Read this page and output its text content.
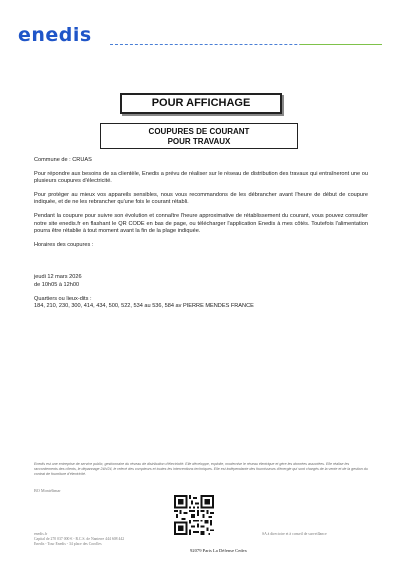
enedis
POUR AFFICHAGE
COUPURES DE COURANT
POUR TRAVAUX

Commune de : CRUAS

Pour répondre aux besoins de sa clientèle, Enedis a prévu de réaliser sur le réseau de distribution des travaux qui entraîneront une ou plusieurs coupures d'électricité.

Pour protéger au mieux vos appareils sensibles, nous vous recommandons de les débrancher avant l'heure de début de coupure indiquée, et de ne les rebrancher qu'une fois le courant rétabli.

Pendant la coupure pour suivre son évolution et connaître l'heure approximative de rétablissement du courant, vous pouvez consulter notre site enedis.fr en flashant le QR CODE en bas de page, ou télécharger l'application Enedis à mes côtés. Toutefois l'alimentation pourra être rétablie à tout moment avant la fin de la plage indiquée.

Horaires des coupures :

jeudi 12 mars 2026

de 10h05 à 12h00

Quartiers ou lieux-dits :
184, 210, 230, 300, 414, 434, 500, 522, 534 au 536, 584 av PIERRE MENDES FRANCE
Enedis est une entreprise de service public, gestionnaire du réseau de distribution d'électricité. Elle développe, exploite, modernise le réseau électrique et gère les données associées. Elle réalise les raccordements des clients, le dépannage 24h/24, le relevé des compteurs et toutes les interventions techniques. Elle est indépendante des fournisseurs d'énergie qui sont chargés de la vente et de la gestion du contrat de fourniture d'électricité.
BO Montélimar
enedis.fr
Capital de 270 037 000 € - R.C.S. de Nanterre 444 608 442
Enedis - Tour Enedis - 34 place des Corolles
SA à directoire et à conseil de surveillance
92079 Paris La Défense Cedex
